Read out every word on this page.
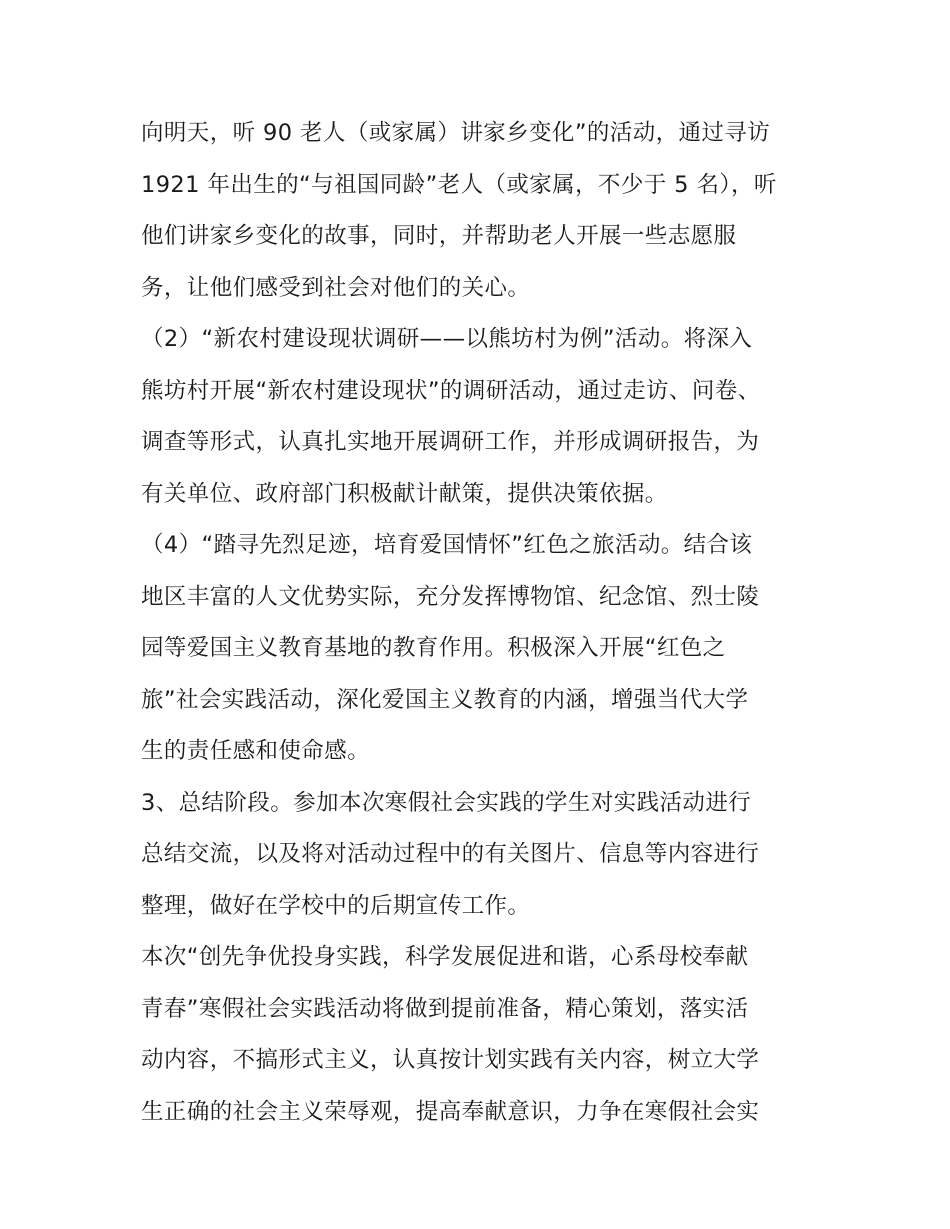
向明天，听 90 老人（或家属）讲家乡变化”的活动，通过寻访
1921 年出生的“与祖国同龄”老人（或家属，不少于 5 名），听
他们讲家乡变化的故事，同时，并帮助老人开展一些志愿服
务，让他们感受到社会对他们的关心。
（2）“新农村建设现状调研——以熊坊村为例”活动。将深入
熊坊村开展“新农村建设现状”的调研活动，通过走访、问卷、
调查等形式，认真扎实地开展调研工作，并形成调研报告，为
有关单位、政府部门积极献计献策，提供决策依据。
（4）“踏寻先烈足迹，培育爱国情怀”红色之旅活动。结合该
地区丰富的人文优势实际，充分发挥博物馆、纪念馆、烈士陵
园等爱国主义教育基地的教育作用。积极深入开展“红色之
旅”社会实践活动，深化爱国主义教育的内涵，增强当代大学
生的责任感和使命感。
3、总结阶段。参加本次寒假社会实践的学生对实践活动进行
总结交流，以及将对活动过程中的有关图片、信息等内容进行
整理，做好在学校中的后期宣传工作。
本次“创先争优投身实践，科学发展促进和谐，心系母校奉献
青春”寒假社会实践活动将做到提前准备，精心策划，落实活
动内容，不搞形式主义，认真按计划实践有关内容，树立大学
生正确的社会主义荣辱观，提高奉献意识，力争在寒假社会实
